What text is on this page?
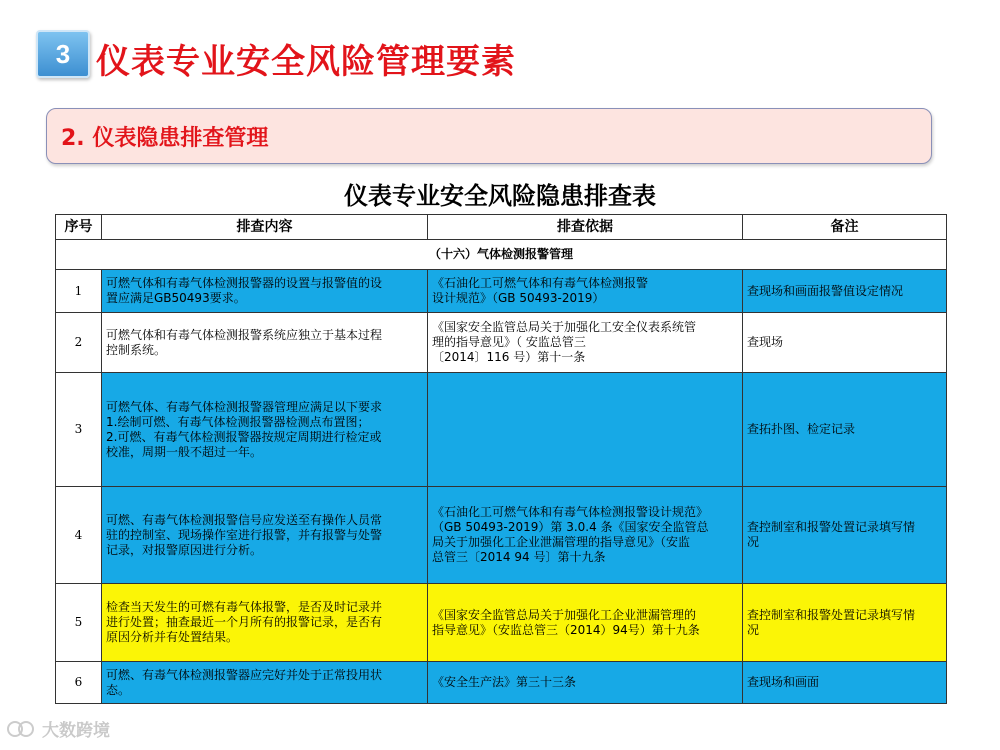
3 仪表专业安全风险管理要素
2. 仪表隐患排查管理
仪表专业安全风险隐患排查表
序号	排查内容	排查依据	备注
（十六）气体检测报警管理			
1	可燃气体和有毒气体检测报警器的设置与报警值的设
置应满足GB50493要求。	《石油化工可燃气体和有毒气体检测报警
设计规范》（GB 50493-2019）	查现场和画面报警值设定情况

2	可燃气体和有毒气体检测报警系统应独立于基本过程
控制系统。	《国家安全监管总局关于加强化工安全仪表系统管
理的指导意见》（ 安监总管三
〔2014〕116 号）第十一条	查现场

3	可燃气体、有毒气体检测报警器管理应满足以下要求
1.绘制可燃、有毒气体检测报警器检测点布置图；
2.可燃、有毒气体检测报警器按规定周期进行检定或
校准，周期一般不超过一年。		查拓扑图、检定记录

4	可燃、有毒气体检测报警信号应发送至有操作人员常
驻的控制室、现场操作室进行报警，并有报警与处警
记录，对报警原因进行分析。	《石油化工可燃气体和有毒气体检测报警设计规范》
（GB 50493-2019）第 3.0.4 条《国家安全监管总
局关于加强化工企业泄漏管理的指导意见》（安监
总管三〔2014 94 号〕第十九条	查控制室和报警处置记录填写情
况

5	检查当天发生的可燃有毒气体报警，是否及时记录并
进行处置；抽查最近一个月所有的报警记录，是否有
原因分析并有处置结果。	《国家安全监管总局关于加强化工企业泄漏管理的
指导意见》（安监总管三（2014）94号）第十九条	查控制室和报警处置记录填写情
况

6	可燃、有毒气体检测报警器应完好并处于正常投用状
态。	《安全生产法》第三十三条	查现场和画面
大数跨境
